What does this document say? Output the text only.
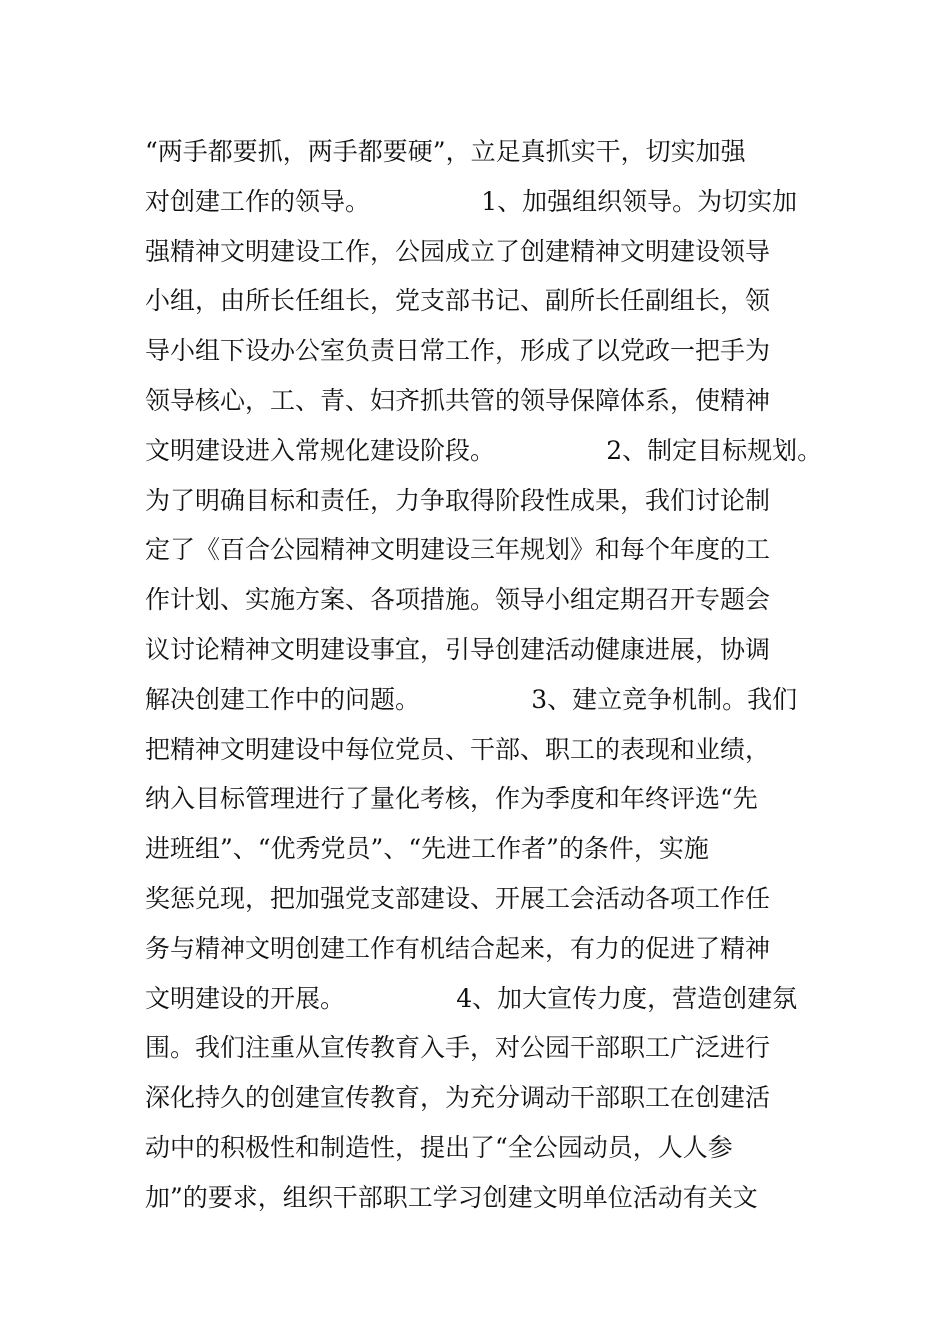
“两手都要抓，两手都要硬”，立足真抓实干，切实加强
对创建工作的领导。              1、加强组织领导。为切实加
强精神文明建设工作，公园成立了创建精神文明建设领导
小组，由所长任组长，党支部书记、副所长任副组长，领
导小组下设办公室负责日常工作，形成了以党政一把手为
领导核心，工、青、妇齐抓共管的领导保障体系，使精神
文明建设进入常规化建设阶段。              2、制定目标规划。
为了明确目标和责任，力争取得阶段性成果，我们讨论制
定了《百合公园精神文明建设三年规划》和每个年度的工
作计划、实施方案、各项措施。领导小组定期召开专题会
议讨论精神文明建设事宜，引导创建活动健康进展，协调
解决创建工作中的问题。              3、建立竞争机制。我们
把精神文明建设中每位党员、干部、职工的表现和业绩，
纳入目标管理进行了量化考核，作为季度和年终评选“先
进班组”、“优秀党员”、“先进工作者”的条件，实施
奖惩兑现，把加强党支部建设、开展工会活动各项工作任
务与精神文明创建工作有机结合起来，有力的促进了精神
文明建设的开展。              4、加大宣传力度，营造创建氛
围。我们注重从宣传教育入手，对公园干部职工广泛进行
深化持久的创建宣传教育，为充分调动干部职工在创建活
动中的积极性和制造性，提出了“全公园动员，人人参
加”的要求，组织干部职工学习创建文明单位活动有关文
